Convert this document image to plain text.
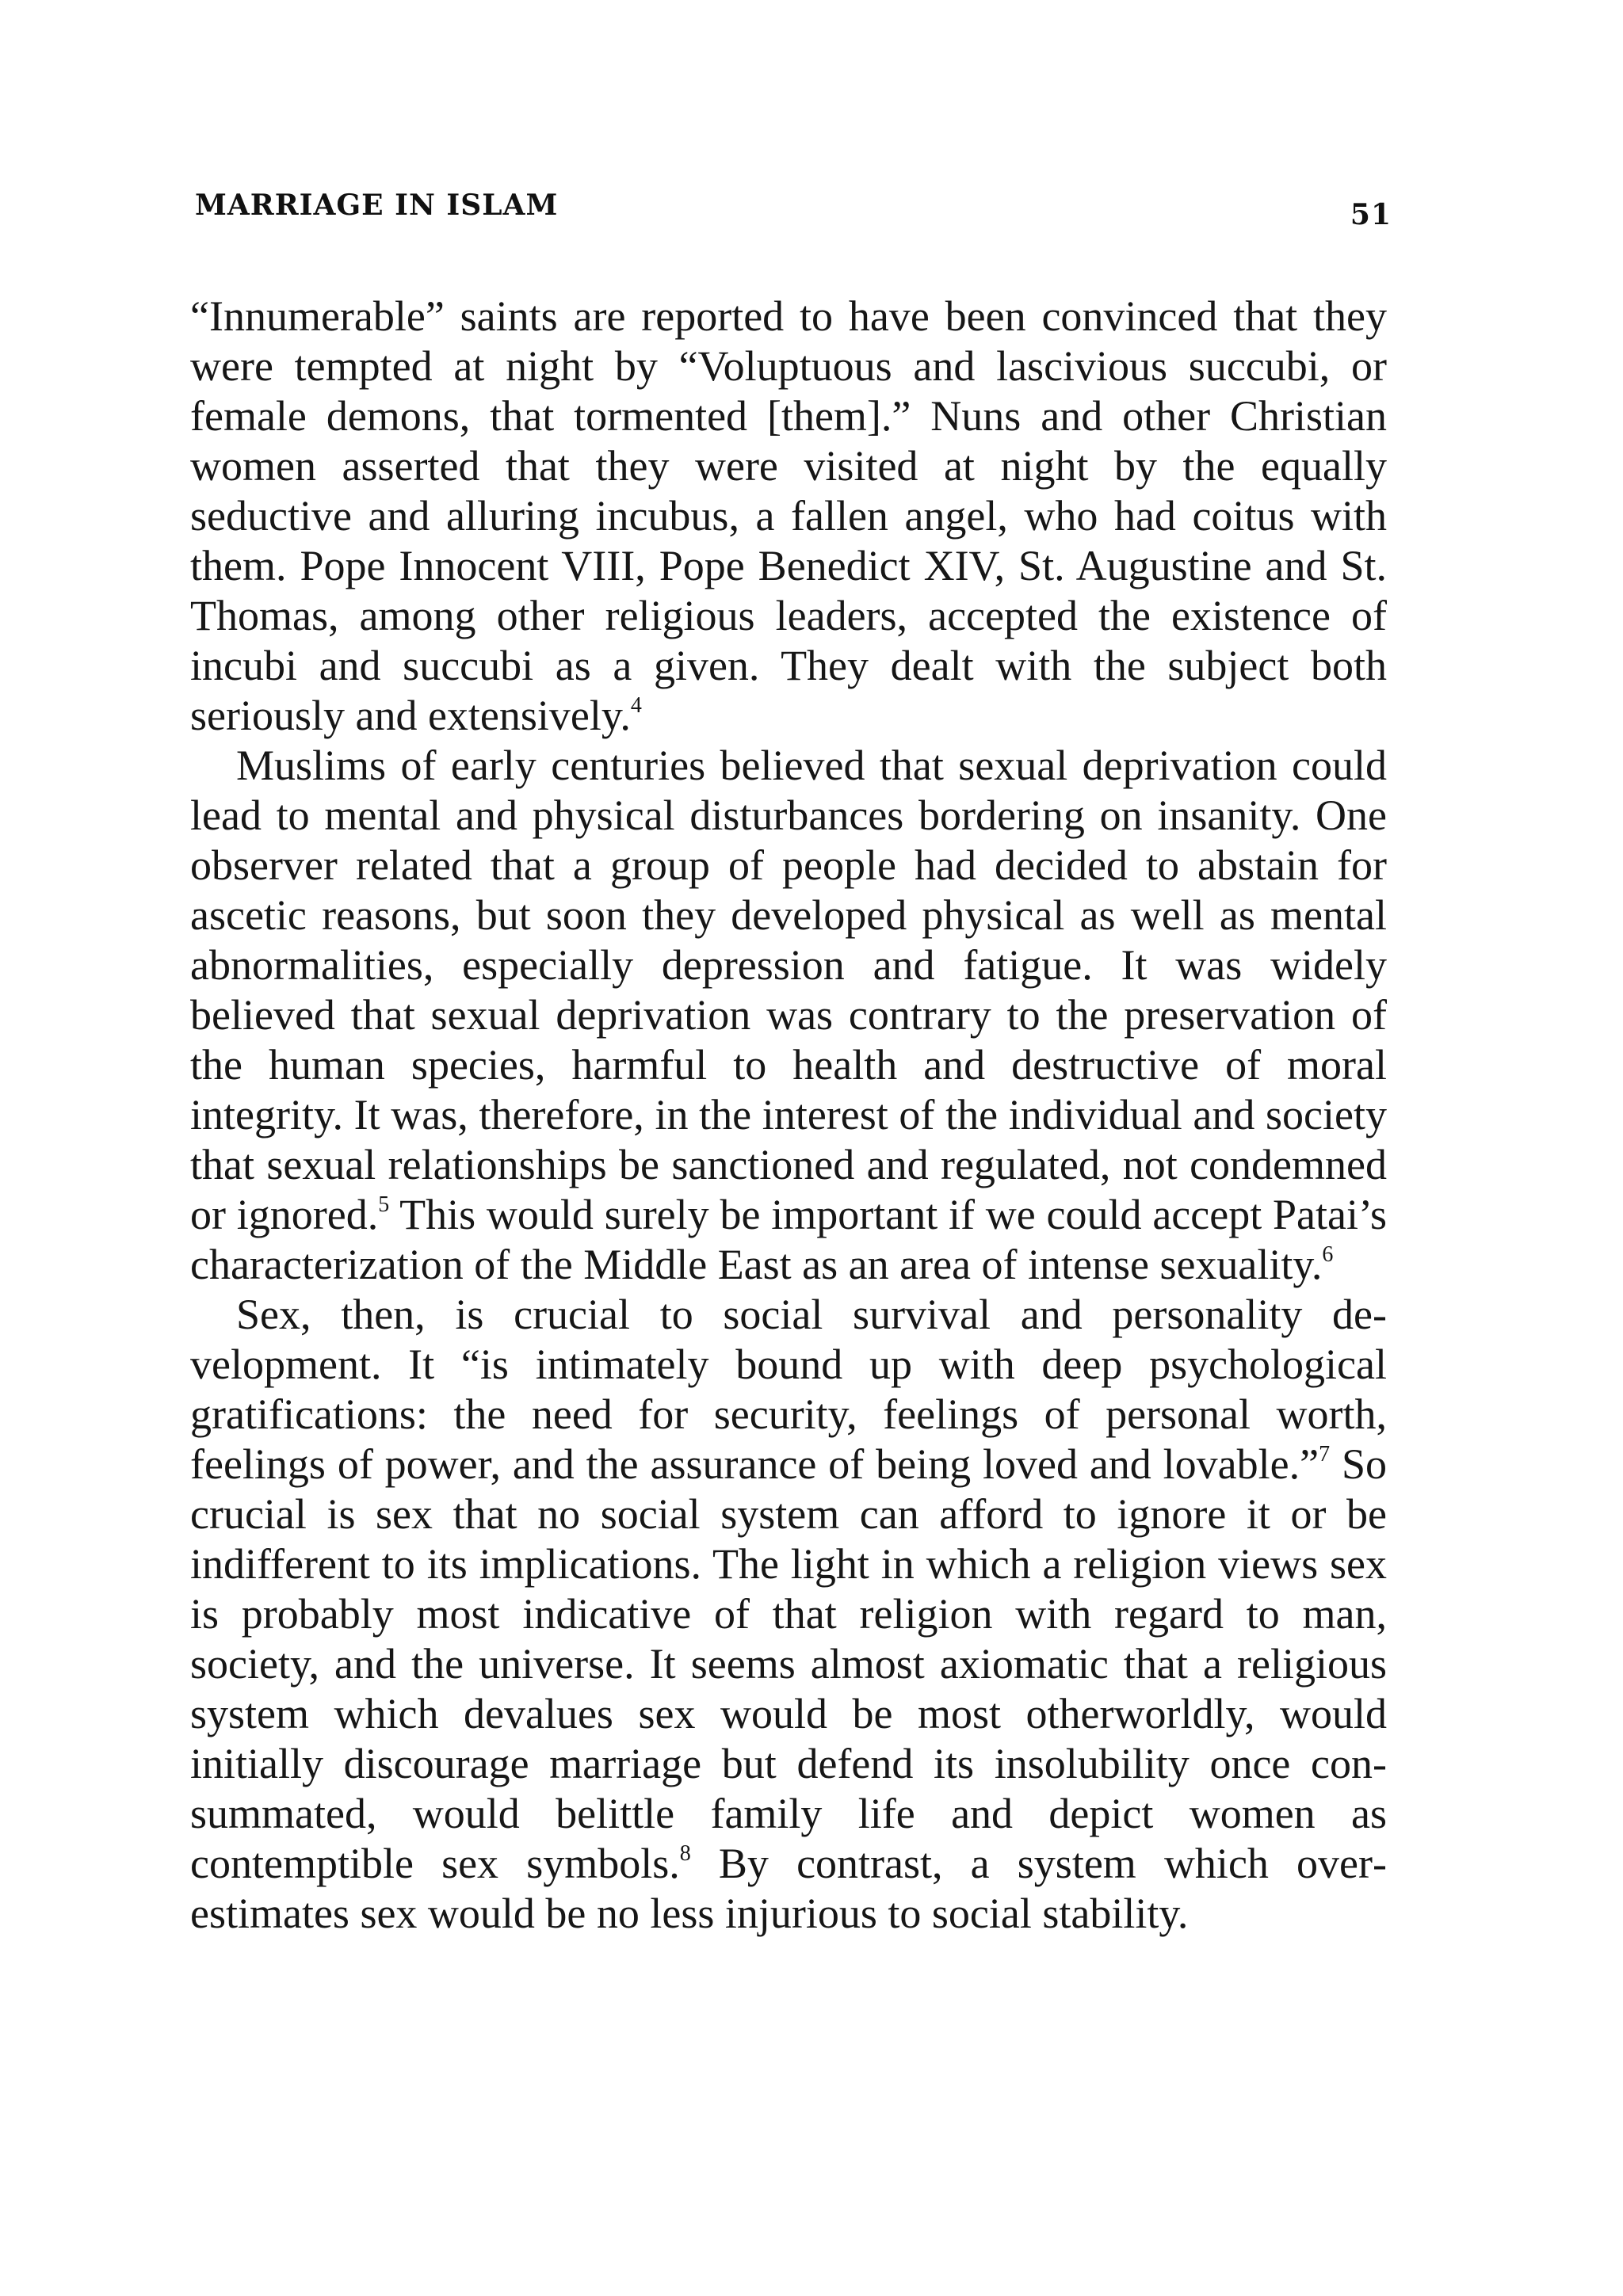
MARRIAGE IN ISLAM	51

“Innumerable” saints are reported to have been convinced that they were tempted at night by “Voluptuous and lascivious succubi, or female demons, that tormented [them].” Nuns and other Christian women asserted that they were visited at night by the equally seductive and alluring incubus, a fallen angel, who had coitus with them. Pope Innocent VIII, Pope Benedict XIV, St. Augustine and St. Thomas, among other religious leaders, accepted the existence of incubi and succubi as a given. They dealt with the subject both seriously and extensively.$^4$

Muslims of early centuries believed that sexual deprivation could lead to mental and physical disturbances bordering on insanity. One observer related that a group of people had decided to abstain for ascetic reasons, but soon they developed physical as well as mental abnormalities, especially depression and fatigue. It was widely believed that sexual deprivation was contrary to the preservation of the human species, harmful to health and destructive of moral integrity. It was, therefore, in the interest of the individual and society that sexual relationships be sanctioned and regulated, not condemned or ignored.$^5$ This would surely be important if we could accept Patai’s characterization of the Middle East as an area of intense sexuality.$^6$

Sex, then, is crucial to social survival and personality development. It “is intimately bound up with deep psychological gratifications: the need for security, feelings of personal worth, feelings of power, and the assurance of being loved and lovable.”$^7$ So crucial is sex that no social system can afford to ignore it or be indifferent to its implications. The light in which a religion views sex is probably most indicative of that religion with regard to man, society, and the universe. It seems almost axiomatic that a religious system which devalues sex would be most otherworldly, would initially discourage marriage but defend its insolubility once consummated, would belittle family life and depict women as contemptible sex symbols.$^8$ By contrast, a system which overestimates sex would be no less injurious to social stability.
